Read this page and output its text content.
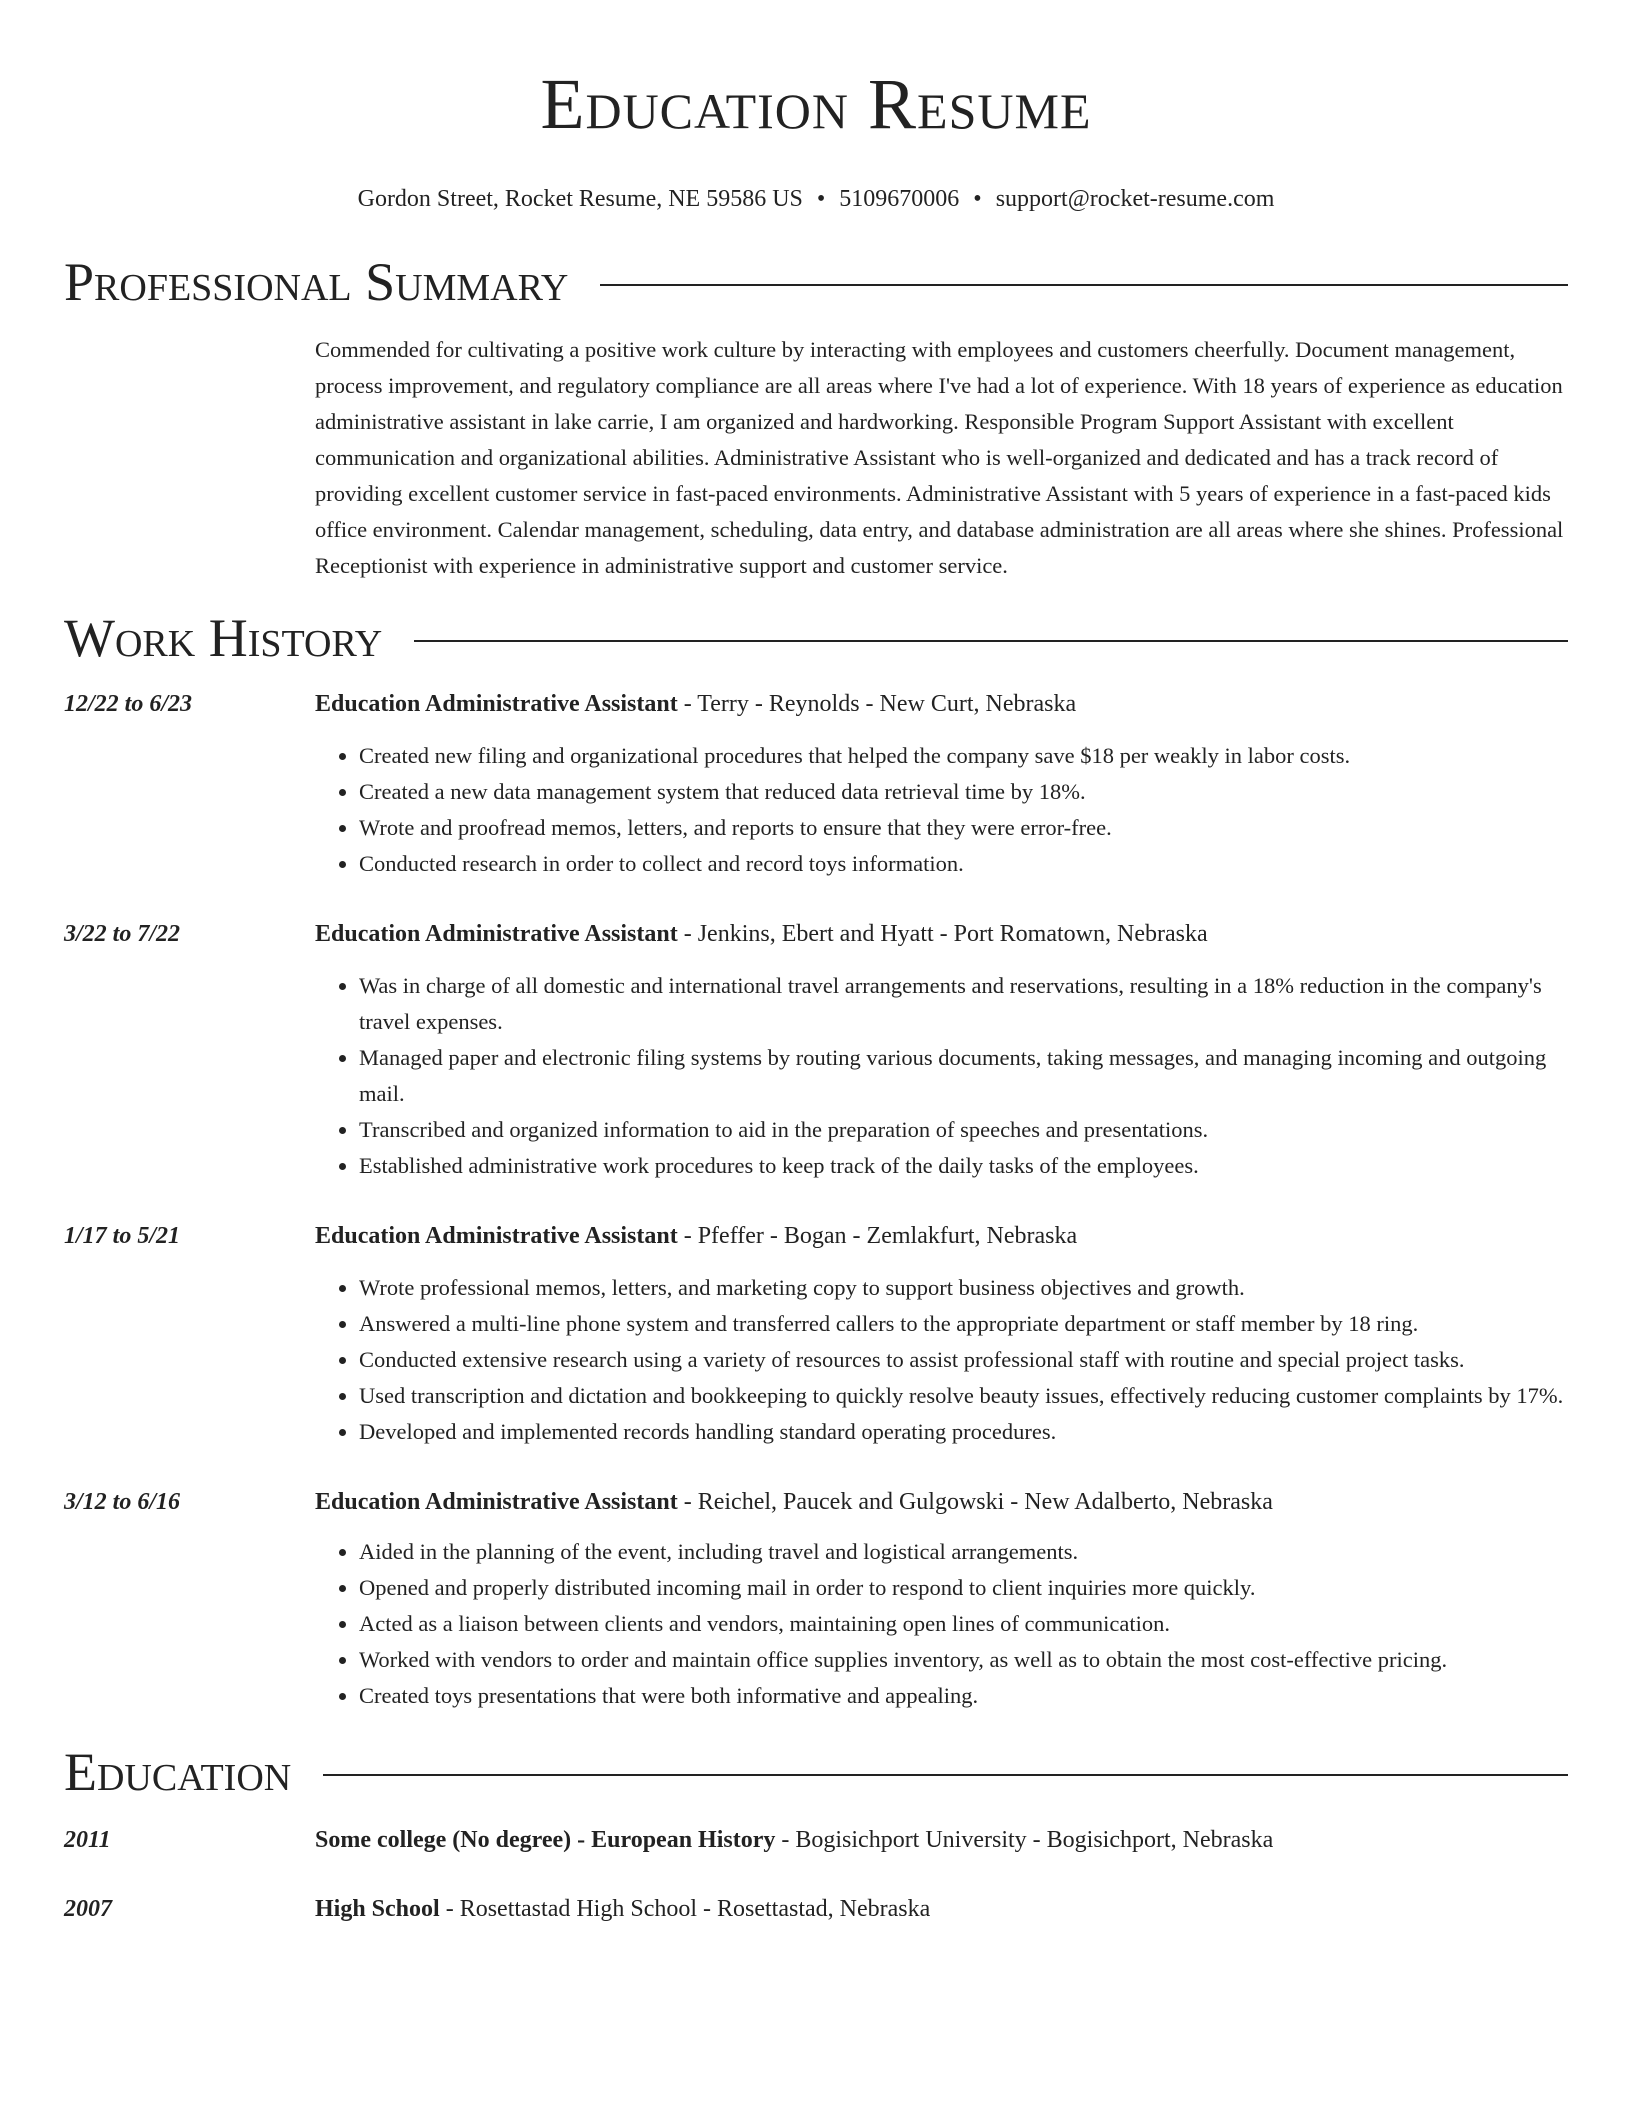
Education Resume
Gordon Street, Rocket Resume, NE 59586 US • 5109670006 • support@rocket-resume.com
Professional Summary
Commended for cultivating a positive work culture by interacting with employees and customers cheerfully. Document management, process improvement, and regulatory compliance are all areas where I've had a lot of experience. With 18 years of experience as education administrative assistant in lake carrie, I am organized and hardworking. Responsible Program Support Assistant with excellent communication and organizational abilities. Administrative Assistant who is well-organized and dedicated and has a track record of providing excellent customer service in fast-paced environments. Administrative Assistant with 5 years of experience in a fast-paced kids office environment. Calendar management, scheduling, data entry, and database administration are all areas where she shines. Professional Receptionist with experience in administrative support and customer service.
Work History
12/22 to 6/23	Education Administrative Assistant - Terry - Reynolds - New Curt, Nebraska
• Created new filing and organizational procedures that helped the company save $18 per weakly in labor costs.
• Created a new data management system that reduced data retrieval time by 18%.
• Wrote and proofread memos, letters, and reports to ensure that they were error-free.
• Conducted research in order to collect and record toys information.
3/22 to 7/22	Education Administrative Assistant - Jenkins, Ebert and Hyatt - Port Romatown, Nebraska
• Was in charge of all domestic and international travel arrangements and reservations, resulting in a 18% reduction in the company's travel expenses.
• Managed paper and electronic filing systems by routing various documents, taking messages, and managing incoming and outgoing mail.
• Transcribed and organized information to aid in the preparation of speeches and presentations.
• Established administrative work procedures to keep track of the daily tasks of the employees.
1/17 to 5/21	Education Administrative Assistant - Pfeffer - Bogan - Zemlakfurt, Nebraska
• Wrote professional memos, letters, and marketing copy to support business objectives and growth.
• Answered a multi-line phone system and transferred callers to the appropriate department or staff member by 18 ring.
• Conducted extensive research using a variety of resources to assist professional staff with routine and special project tasks.
• Used transcription and dictation and bookkeeping to quickly resolve beauty issues, effectively reducing customer complaints by 17%.
• Developed and implemented records handling standard operating procedures.
3/12 to 6/16	Education Administrative Assistant - Reichel, Paucek and Gulgowski - New Adalberto, Nebraska
• Aided in the planning of the event, including travel and logistical arrangements.
• Opened and properly distributed incoming mail in order to respond to client inquiries more quickly.
• Acted as a liaison between clients and vendors, maintaining open lines of communication.
• Worked with vendors to order and maintain office supplies inventory, as well as to obtain the most cost-effective pricing.
• Created toys presentations that were both informative and appealing.
Education
2011	Some college (No degree) - European History - Bogisichport University - Bogisichport, Nebraska
2007	High School - Rosettastad High School - Rosettastad, Nebraska
